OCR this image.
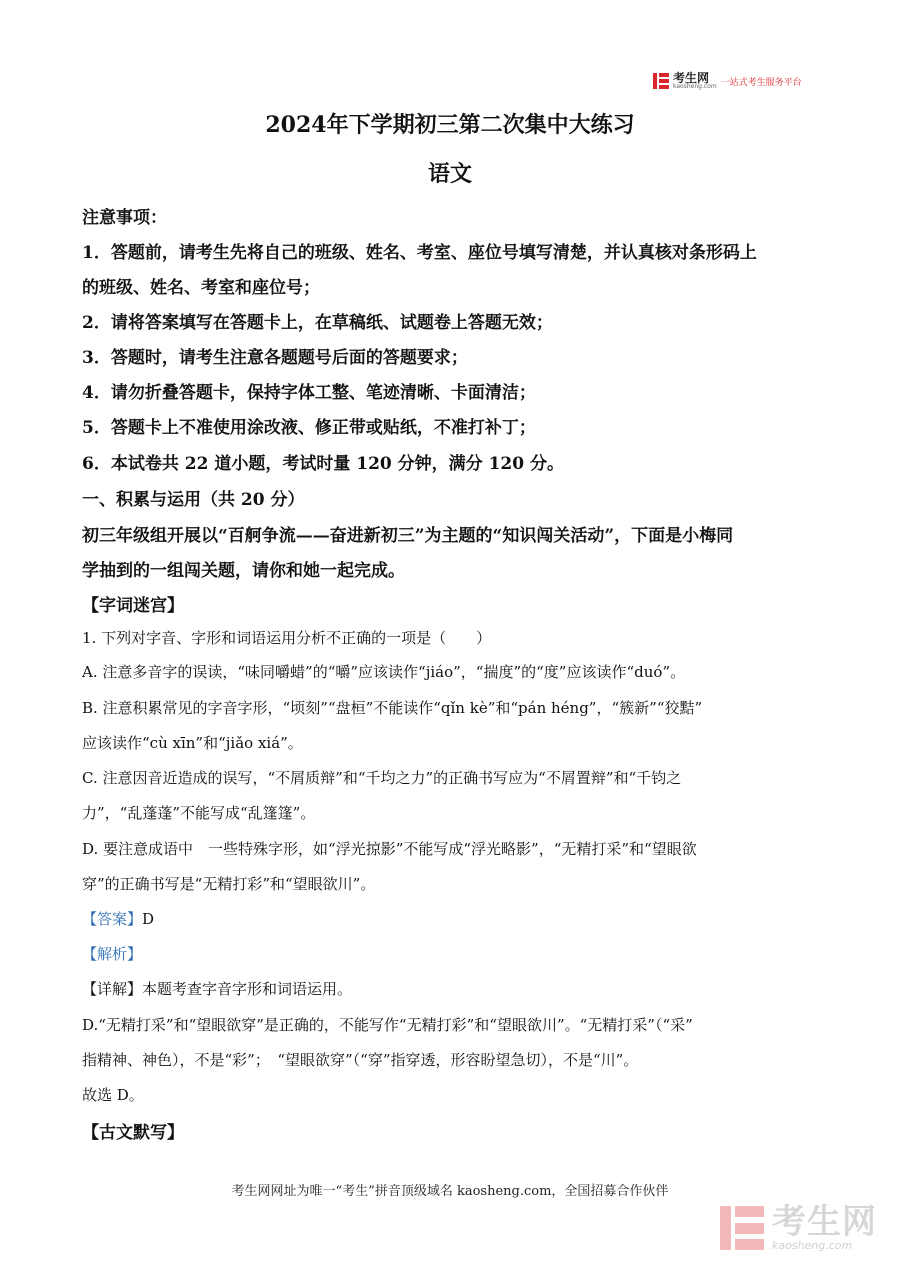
考生网
kaosheng.com 一站式考生服务平台
2024年下学期初三第二次集中大练习
语文
注意事项：
1．答题前，请考生先将自己的班级、姓名、考室、座位号填写清楚，并认真核对条形码上
的班级、姓名、考室和座位号；
2．请将答案填写在答题卡上，在草稿纸、试题卷上答题无效；
3．答题时，请考生注意各题题号后面的答题要求；
4．请勿折叠答题卡，保持字体工整、笔迹清晰、卡面清洁；
5．答题卡上不准使用涂改液、修正带或贴纸，不准打补丁；
6．本试卷共 22 道小题，考试时量 120 分钟，满分 120 分。
一、积累与运用（共 20 分）
初三年级组开展以“百舸争流——奋进新初三”为主题的“知识闯关活动”，下面是小梅同
学抽到的一组闯关题，请你和她一起完成。
【字词迷宫】
1. 下列对字音、字形和词语运用分析不正确的一项是（　　）
A. 注意多音字的误读，“味同嚼蜡”的“嚼”应该读作“jiáo”，“揣度”的“度”应该读作“duó”。
B. 注意积累常见的字音字形，“顷刻”“盘桓”不能读作“qǐn kè”和“pán héng”，“簇新”“狡黠”
应该读作“cù xīn”和“jiǎo xiá”。
C. 注意因音近造成的误写，“不屑质辩”和“千均之力”的正确书写应为“不屑置辩”和“千钧之
力”，“乱蓬蓬”不能写成“乱篷篷”。
D. 要注意成语中　一些特殊字形，如“浮光掠影”不能写成“浮光略影”，“无精打采”和“望眼欲
穿”的正确书写是“无精打彩”和“望眼欲川”。
【答案】D
【解析】
【详解】本题考查字音字形和词语运用。
D.“无精打采”和“望眼欲穿”是正确的，不能写作“无精打彩”和“望眼欲川”。“无精打采”（“采”
指精神、神色），不是“彩”；　“望眼欲穿”（“穿”指穿透，形容盼望急切），不是“川”。
故选 D。
【古文默写】
考生网网址为唯一“考生”拼音顶级域名 kaosheng.com，全国招募合作伙伴
考生网
kaosheng.com
